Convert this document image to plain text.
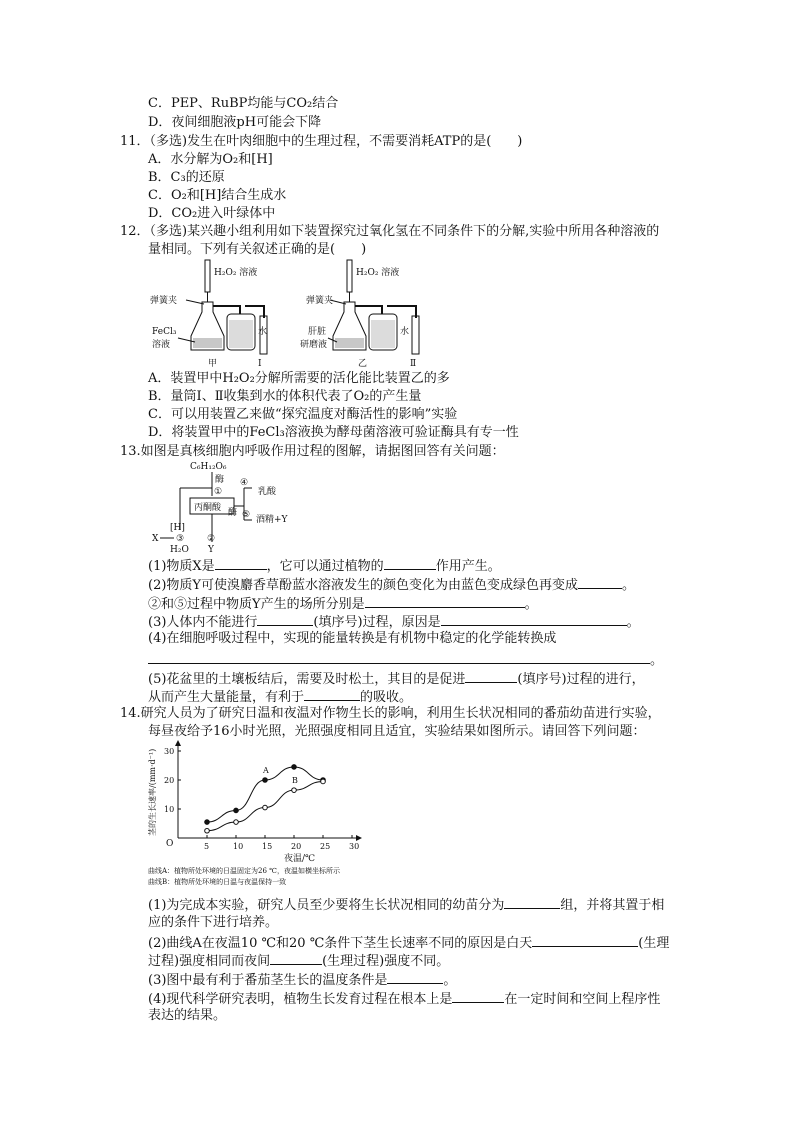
C．PEP、RuBP均能与CO₂结合
D．夜间细胞液pH可能会下降
11．（多选)发生在叶肉细胞中的生理过程，不需要消耗ATP的是(　　)
A．水分解为O₂和[H]
B．C₃的还原
C．O₂和[H]结合生成水
D．CO₂进入叶绿体中
12．（多选)某兴趣小组利用如下装置探究过氧化氢在不同条件下的分解,实验中所用各种溶液的
量相同。下列有关叙述正确的是(　　)
H₂O₂ 溶液
弹簧夹
FeCl₃
溶液
水
Ⅰ
甲
H₂O₂ 溶液
弹簧夹
肝脏
研磨液
水
Ⅱ
乙
A．装置甲中H₂O₂分解所需要的活化能比装置乙的多
B．量筒Ⅰ、Ⅱ收集到水的体积代表了O₂的产生量
C．可以用装置乙来做“探究温度对酶活性的影响”实验
D．将装置甲中的FeCl₃溶液换为酵母菌溶液可验证酶具有专一性
13.如图是真核细胞内呼吸作用过程的图解，请据图回答有关问题：
C₆H₁₂O₆
酶
①
丙酮酸
④
乳酸
酶 ⑤ 酒精+Y
[H]
X ③
H₂O
②
Y
(1)物质X是	，它可以通过植物的	作用产生。
(2)物质Y可使溴麝香草酚蓝水溶液发生的颜色变化为由蓝色变成绿色再变成	。
②和⑤过程中物质Y产生的场所分别是	。
(3)人体内不能进行	(填序号)过程，原因是	。
(4)在细胞呼吸过程中，实现的能量转换是有机物中稳定的化学能转换成
。
(5)花盆里的土壤板结后，需要及时松土，其目的是促进	(填序号)过程的进行，
从而产生大量能量，有利于	的吸收。
14.研究人员为了研究日温和夜温对作物生长的影响，利用生长状况相同的番茄幼苗进行实验，
每昼夜给予16小时光照，光照强度相同且适宜，实验结果如图所示。请回答下列问题：
O
夜温/℃
茎的生长速率/(mm·d⁻¹)
曲线A：植物所处环境的日温固定为26 ℃，夜温如横坐标所示
曲线B：植物所处环境的日温与夜温保持一致
5	10 15 20 25 30
10
20
30
A
B
(1)为完成本实验，研究人员至少要将生长状况相同的幼苗分为	组，并将其置于相
应的条件下进行培养。
(2)曲线A在夜温10 ℃和20 ℃条件下茎生长速率不同的原因是白天	(生理
过程)强度相同而夜间	(生理过程)强度不同。
(3)图中最有利于番茄茎生长的温度条件是	。
(4)现代科学研究表明，植物生长发育过程在根本上是	在一定时间和空间上程序性
表达的结果。
